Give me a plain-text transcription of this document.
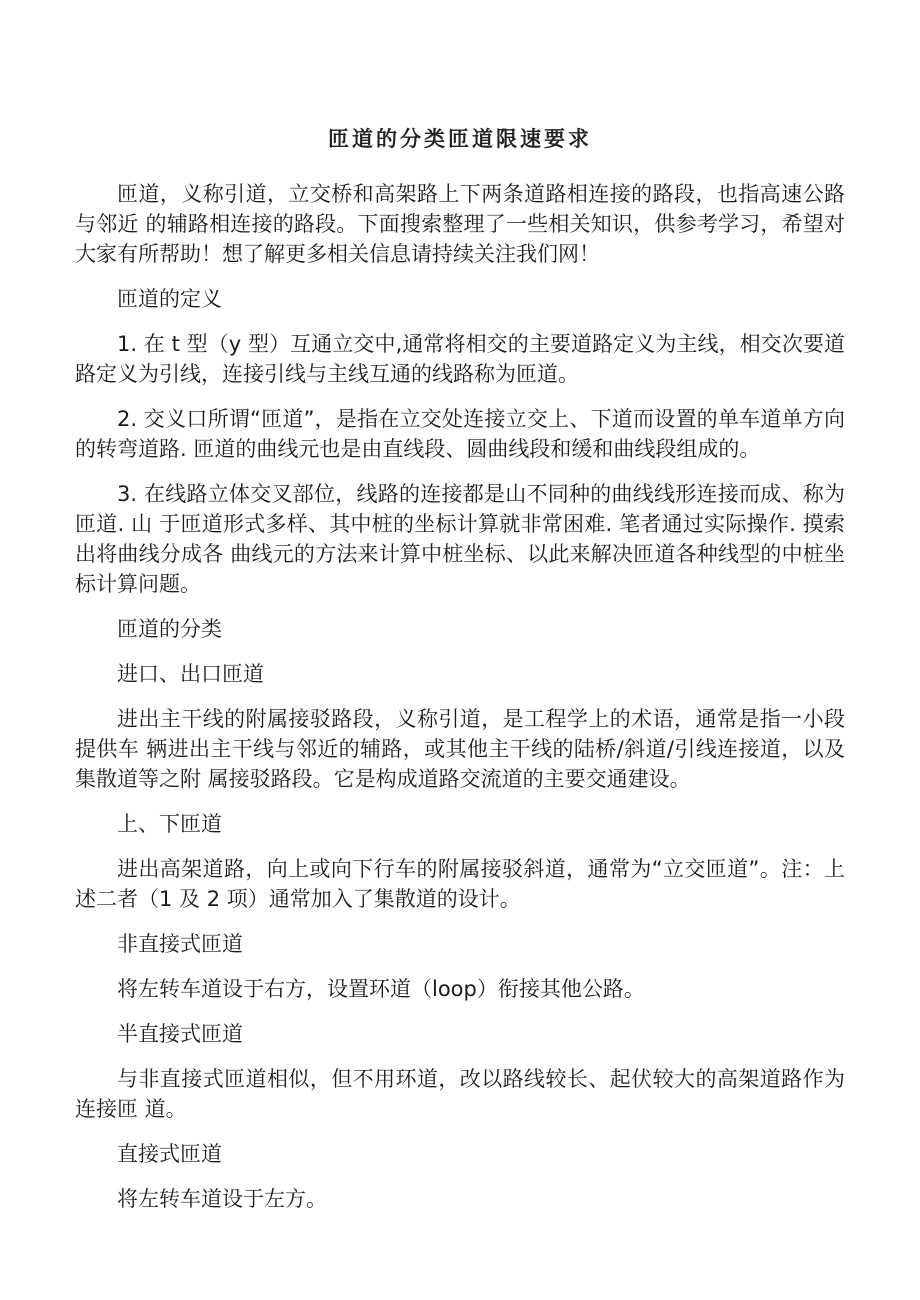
匝道的分类匝道限速要求

匝道，义称引道，立交桥和高架路上下两条道路相连接的路段，也指高速公路与邻近 的辅路相连接的路段。下面搜索整理了一些相关知识，供参考学习，希望对大家有所帮助！想了解更多相关信息请持续关注我们网！

匝道的定义

1. 在 t 型（y 型）互通立交中,通常将相交的主要道路定义为主线，相交次要道路定义为引线，连接引线与主线互通的线路称为匝道。

2. 交义口所谓“匝道”，是指在立交处连接立交上、下道而设置的单车道单方向的转弯道路. 匝道的曲线元也是由直线段、圆曲线段和缓和曲线段组成的。

3. 在线路立体交叉部位，线路的连接都是山不同种的曲线线形连接而成、称为匝道. 山 于匝道形式多样、其中桩的坐标计算就非常困难. 笔者通过实际操作. 摸索出将曲线分成各 曲线元的方法来计算中桩坐标、以此来解决匝道各种线型的中桩坐标计算问题。

匝道的分类

进口、出口匝道

进出主干线的附属接驳路段，义称引道，是工程学上的术语，通常是指一小段提供车 辆进出主干线与邻近的辅路，或其他主干线的陆桥/斜道/引线连接道，以及集散道等之附 属接驳路段。它是构成道路交流道的主要交通建设。

上、下匝道

进出高架道路，向上或向下行车的附属接驳斜道，通常为“立交匝道”。注：上述二者（1 及 2 项）通常加入了集散道的设计。

非直接式匝道

将左转车道设于右方，设置环道（loop）衔接其他公路。

半直接式匝道

与非直接式匝道相似，但不用环道，改以路线较长、起伏较大的高架道路作为连接匝 道。

直接式匝道

将左转车道设于左方。
